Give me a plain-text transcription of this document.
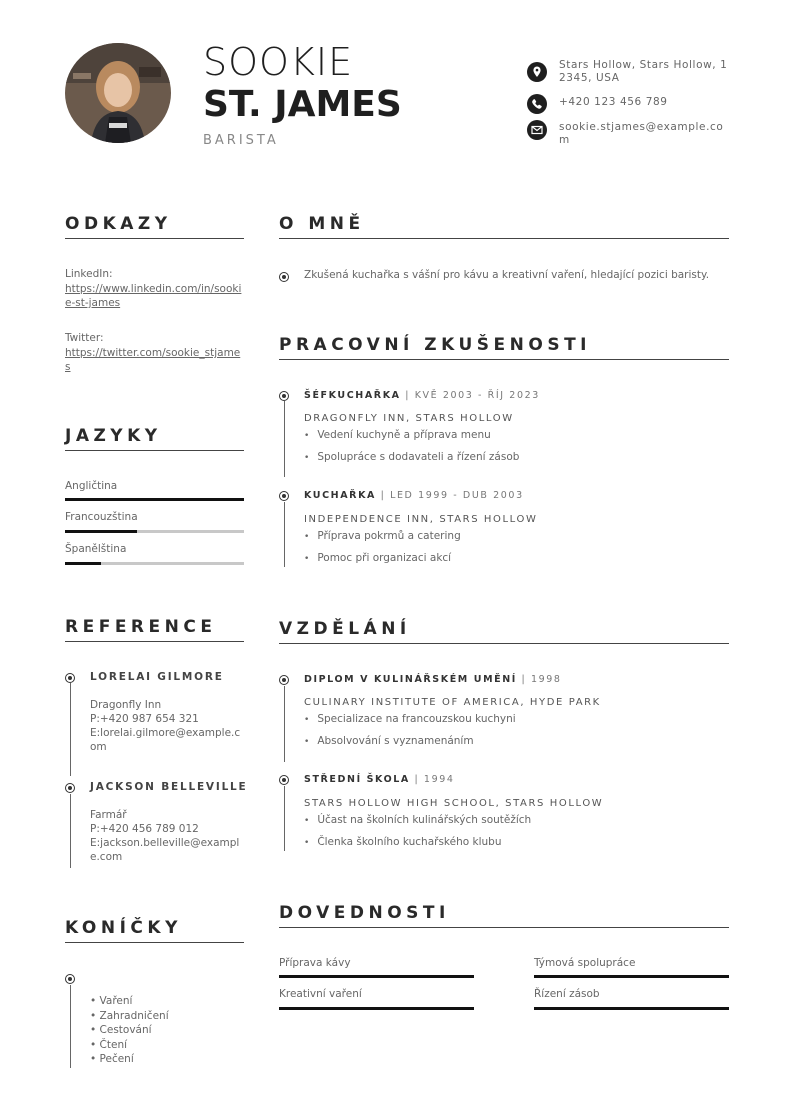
SOOKIE
ST. JAMES
BARISTA
Stars Hollow, Stars Hollow, 12345, USA
+420 123 456 789
sookie.stjames@example.com
ODKAZY
LinkedIn:
https://www.linkedin.com/in/sookie-st-james
Twitter:
https://twitter.com/sookie_stjames
JAZYKY
Angličtina
Francouzština
Španělština
REFERENCE
LORELAI GILMORE
Dragonfly Inn
P:+420 987 654 321
E:lorelai.gilmore@example.com
JACKSON BELLEVILLE
Farmář
P:+420 456 789 012
E:jackson.belleville@example.com
KONÍČKY
• Vaření
• Zahradničení
• Cestování
• Čtení
• Pečení
O MNĚ
Zkušená kuchařka s vášní pro kávu a kreativní vaření, hledající pozici baristy.
PRACOVNÍ ZKUŠENOSTI
ŠÉFKUCHAŘKA | KVĚ 2003 - ŘÍJ 2023
DRAGONFLY INN, STARS HOLLOW
• Vedení kuchyně a příprava menu
• Spolupráce s dodavateli a řízení zásob
KUCHAŘKA | LED 1999 - DUB 2003
INDEPENDENCE INN, STARS HOLLOW
• Příprava pokrmů a catering
• Pomoc při organizaci akcí
VZDĚLÁNÍ
DIPLOM V KULINÁŘSKÉM UMĚNÍ | 1998
CULINARY INSTITUTE OF AMERICA, HYDE PARK
• Specializace na francouzskou kuchyni
• Absolvování s vyznamenáním
STŘEDNÍ ŠKOLA | 1994
STARS HOLLOW HIGH SCHOOL, STARS HOLLOW
• Účast na školních kulinářských soutěžích
• Členka školního kuchařského klubu
DOVEDNOSTI
Příprava kávy	Týmová spolupráce
Kreativní vaření	Řízení zásob
